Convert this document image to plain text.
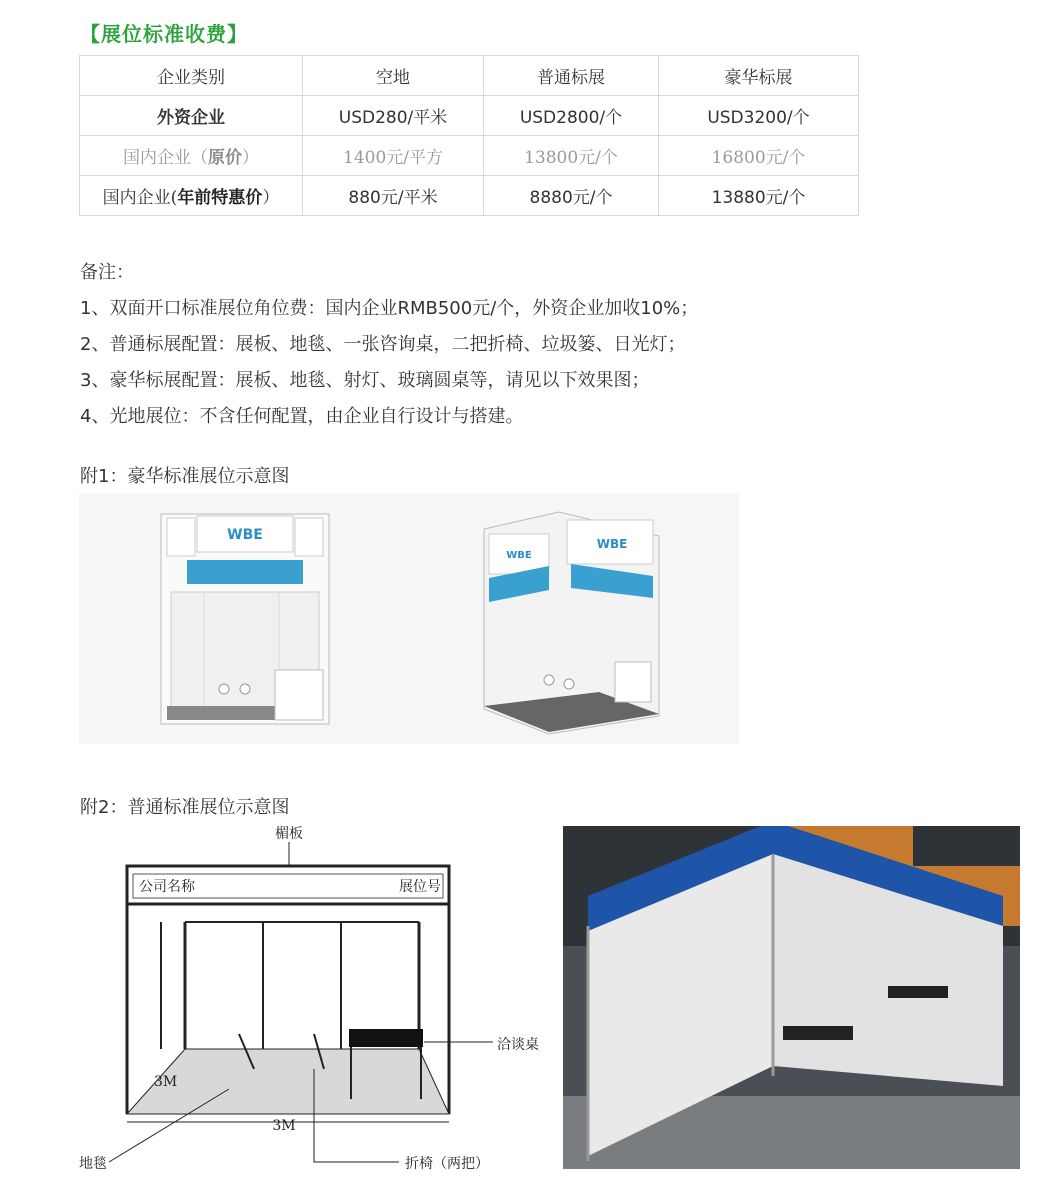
【展位标准收费】
企业类别	空地	普通标展	豪华标展
外资企业	USD280/平米	USD2800/个	USD3200/个
国内企业（原价）	1400元/平方	13800元/个	16800元/个
国内企业(年前特惠价）	880元/平米	8880元/个	13880元/个
备注：
1、双面开口标准展位角位费：国内企业RMB500元/个，外资企业加收10%；
2、普通标展配置：展板、地毯、一张咨询桌，二把折椅、垃圾篓、日光灯；
3、豪华标展配置：展板、地毯、射灯、玻璃圆桌等，请见以下效果图；
4、光地展位：不含任何配置，由企业自行设计与搭建。
附1：豪华标准展位示意图
WBE
WBE
WBE
附2：普通标准展位示意图
楣板
公司名称	展位号
洽谈桌
3M
3M
地毯	折椅（两把）
